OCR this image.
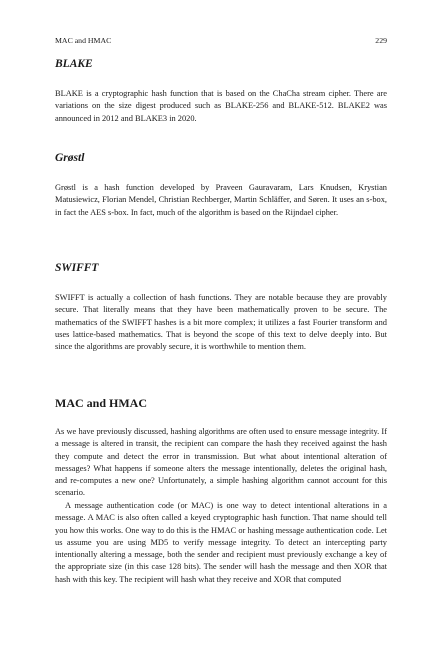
MAC and HMAC	229
BLAKE

BLAKE is a cryptographic hash function that is based on the ChaCha stream cipher. There are variations on the size digest produced such as BLAKE-256 and BLAKE-512. BLAKE2 was announced in 2012 and BLAKE3 in 2020.

Grøstl

Grøstl is a hash function developed by Praveen Gauravaram, Lars Knudsen, Krystian Matusiewicz, Florian Mendel, Christian Rechberger, Martin Schläffer, and Søren. It uses an s-box, in fact the AES s-box. In fact, much of the algorithm is based on the Rijndael cipher.

SWIFFT

SWIFFT is actually a collection of hash functions. They are notable because they are provably secure. That literally means that they have been mathematically proven to be secure. The mathematics of the SWIFFT hashes is a bit more complex; it utilizes a fast Fourier transform and uses lattice-based mathematics. That is beyond the scope of this text to delve deeply into. But since the algorithms are provably secure, it is worthwhile to mention them.

MAC and HMAC

As we have previously discussed, hashing algorithms are often used to ensure message integrity. If a message is altered in transit, the recipient can compare the hash they received against the hash they compute and detect the error in transmission. But what about intentional alteration of messages? What happens if someone alters the message intentionally, deletes the original hash, and re-computes a new one? Unfortunately, a simple hashing algorithm cannot account for this scenario.

A message authentication code (or MAC) is one way to detect intentional alterations in a message. A MAC is also often called a keyed cryptographic hash function. That name should tell you how this works. One way to do this is the HMAC or hashing message authentication code. Let us assume you are using MD5 to verify message integrity. To detect an intercepting party intentionally altering a message, both the sender and recipient must previously exchange a key of the appropriate size (in this case 128 bits). The sender will hash the message and then XOR that hash with this key. The recipient will hash what they receive and XOR that computed
